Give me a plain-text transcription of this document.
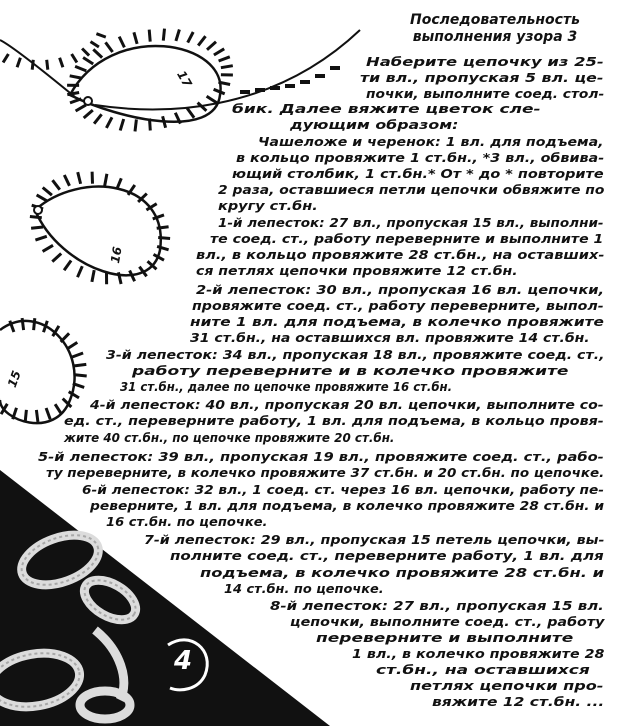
17
16
15
4
Последовательность
выполнения узора 3
Наберите цепочку из 25-
ти вл., пропуская 5 вл. це-
почки, выполните соед. стол-
бик. Далее вяжите цветок сле-
дующим образом:
Чашеложе и черенок: 1 вл. для подъема,
в кольцо провяжите 1 ст.бн., *3 вл., обвива-
ющий столбик, 1 ст.бн.* От * до * повторите
2 раза, оставшиеся петли цепочки обвяжите по
кругу ст.бн.
1-й лепесток: 27 вл., пропуская 15 вл., выполни-
те соед. ст., работу переверните и выполните 1
вл., в кольцо провяжите 28 ст.бн., на оставших-
ся петлях цепочки провяжите 12 ст.бн.
2-й лепесток: 30 вл., пропуская 16 вл. цепочки,
провяжите соед. ст., работу переверните, выпол-
ните 1 вл. для подъема, в колечко провяжите
31 ст.бн., на оставшихся вл. провяжите 14 ст.бн.
3-й лепесток: 34 вл., пропуская 18 вл., провяжите соед. ст.,
работу переверните и в колечко провяжите
31 ст.бн., далее по цепочке провяжите 16 ст.бн.
4-й лепесток: 40 вл., пропуская 20 вл. цепочки, выполните со-
ед. ст., переверните работу, 1 вл. для подъема, в кольцо провя-
жите 40 ст.бн., по цепочке провяжите 20 ст.бн.
5-й лепесток: 39 вл., пропуская 19 вл., провяжите соед. ст., рабо-
ту переверните, в колечко провяжите 37 ст.бн. и 20 ст.бн. по цепочке.
6-й лепесток: 32 вл., 1 соед. ст. через 16 вл. цепочки, работу пе-
реверните, 1 вл. для подъема, в колечко провяжите 28 ст.бн. и
16 ст.бн. по цепочке.
7-й лепесток: 29 вл., пропуская 15 петель цепочки, вы-
полните соед. ст., переверните работу, 1 вл. для
подъема, в колечко провяжите 28 ст.бн. и
14 ст.бн. по цепочке.
8-й лепесток: 27 вл., пропуская 15 вл.
цепочки, выполните соед. ст., работу
переверните и выполните
1 вл., в колечко провяжите 28
ст.бн., на оставшихся
петлях цепочки про-
вяжите 12 ст.бн. ...
